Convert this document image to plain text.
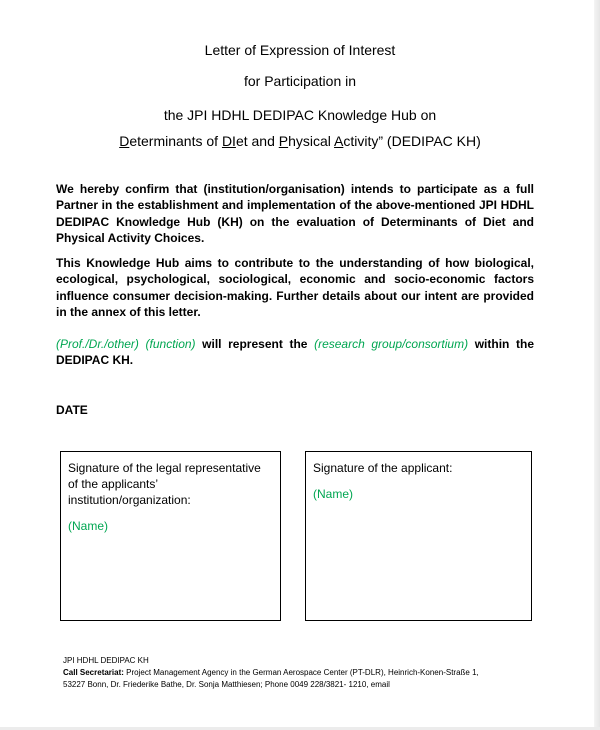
Letter of Expression of Interest
for Participation in
the JPI HDHL DEDIPAC Knowledge Hub on
Determinants of DIet and Physical Activity” (DEDIPAC KH)
We hereby confirm that (institution/organisation) intends to participate as a full Partner in the establishment and implementation of the above-mentioned JPI HDHL DEDIPAC Knowledge Hub (KH) on the evaluation of Determinants of Diet and Physical Activity Choices.
This Knowledge Hub aims to contribute to the understanding of how biological, ecological, psychological, sociological, economic and socio-economic factors influence consumer decision-making. Further details about our intent are provided in the annex of this letter.
(Prof./Dr./other) (function) will represent the (research group/consortium) within the DEDIPAC KH.
DATE
Signature of the legal representative of the applicants’ institution/organization:
(Name)
Signature of the applicant:
(Name)
JPI HDHL DEDIPAC KH
Call Secretariat: Project Management Agency in the German Aerospace Center (PT-DLR), Heinrich-Konen-Straße 1, 53227 Bonn, Dr. Friederike Bathe, Dr. Sonja Matthiesen; Phone 0049 228/3821- 1210, email
